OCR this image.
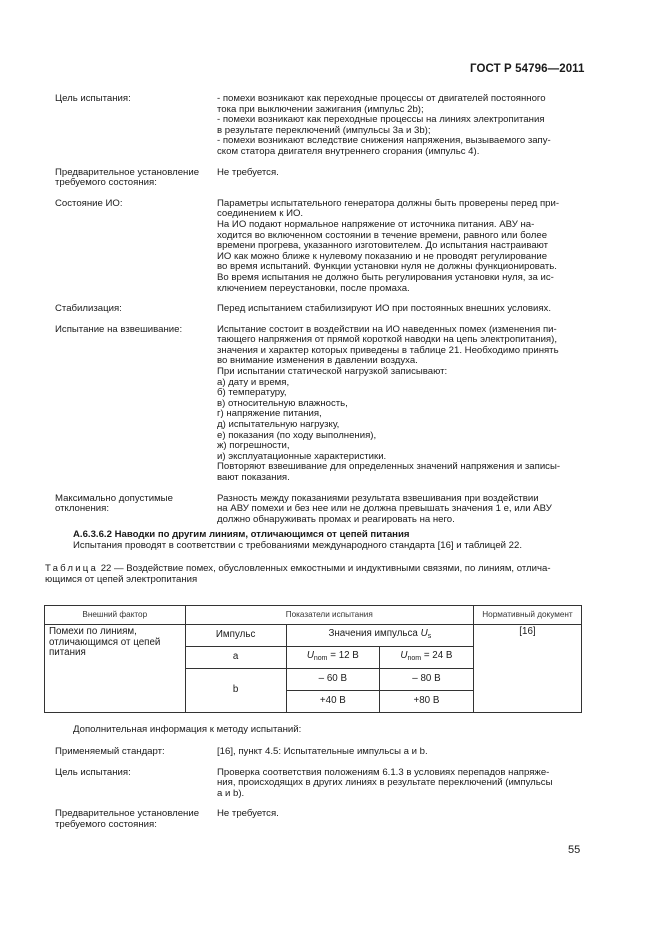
ГОСТ Р 54796—2011
Цель испытания:	- помехи возникают как переходные процессы от двигателей постоянного
тока при выключении зажигания (импульс 2b);
- помехи возникают как переходные процессы на линиях электропитания
в результате переключений (импульсы 3а и 3b);
- помехи возникают вследствие снижения напряжения, вызываемого запу-
ском статора двигателя внутреннего сгорания (импульс 4).
Предварительное установление
требуемого состояния:
Не требуется.
Состояние ИО:	Параметры испытательного генератора должны быть проверены перед при-
соединением к ИО.
На ИО подают нормальное напряжение от источника питания. АВУ на-
ходится во включенном состоянии в течение времени, равного или более
времени прогрева, указанного изготовителем. До испытания настраивают
ИО как можно ближе к нулевому показанию и не проводят регулирование
во время испытаний. Функции установки нуля не должны функционировать.
Во время испытания не должно быть регулирования установки нуля, за ис-
ключением переустановки, после промаха.
Стабилизация:	Перед испытанием стабилизируют ИО при постоянных внешних условиях.
Испытание на взвешивание:	Испытание состоит в воздействии на ИО наведенных помех (изменения пи-
тающего напряжения от прямой короткой наводки на цепь электропитания),
значения и характер которых приведены в таблице 21. Необходимо принять
во внимание изменения в давлении воздуха.
При испытании статической нагрузкой записывают:
а) дату и время,
б) температуру,
в) относительную влажность,
г) напряжение питания,
д) испытательную нагрузку,
е) показания (по ходу выполнения),
ж) погрешности,
и) эксплуатационные характеристики.
Повторяют взвешивание для определенных значений напряжения и записы-
вают показания.
Максимально допустимые
отклонения:
Разность между показаниями результата взвешивания при воздействии
на АВУ помехи и без нее или не должна превышать значения 1 е, или АВУ
должно обнаруживать промах и реагировать на него.
А.6.3.6.2 Наводки по другим линиям, отличающимся от цепей питания
Испытания проводят в соответствии с требованиями международного стандарта [16] и таблицей 22.
Таблица 22 — Воздействие помех, обусловленных емкостными и индуктивными связями, по линиям, отлича-
ющимся от цепей электропитания
Внешний фактор	Показатели испытания			Нормативный документ
Помехи по линиям, отличающимся от цепей питания	Импульс	Значения импульса $U_s$		[16]
	a	$U_{nom} = 12$ В	$U_{nom} = 24$ В	
	b	– 60 В	– 80 В	
		+40 В	+80 В	
Дополнительная информация к методу испытаний:
Применяемый стандарт:	[16], пункт 4.5: Испытательные импульсы а и b.
Цель испытания:	Проверка соответствия положениям 6.1.3 в условиях перепадов напряже-
ния, происходящих в других линиях в результате переключений (импульсы
а и b).
Предварительное установление
требуемого состояния:
Не требуется.
55
